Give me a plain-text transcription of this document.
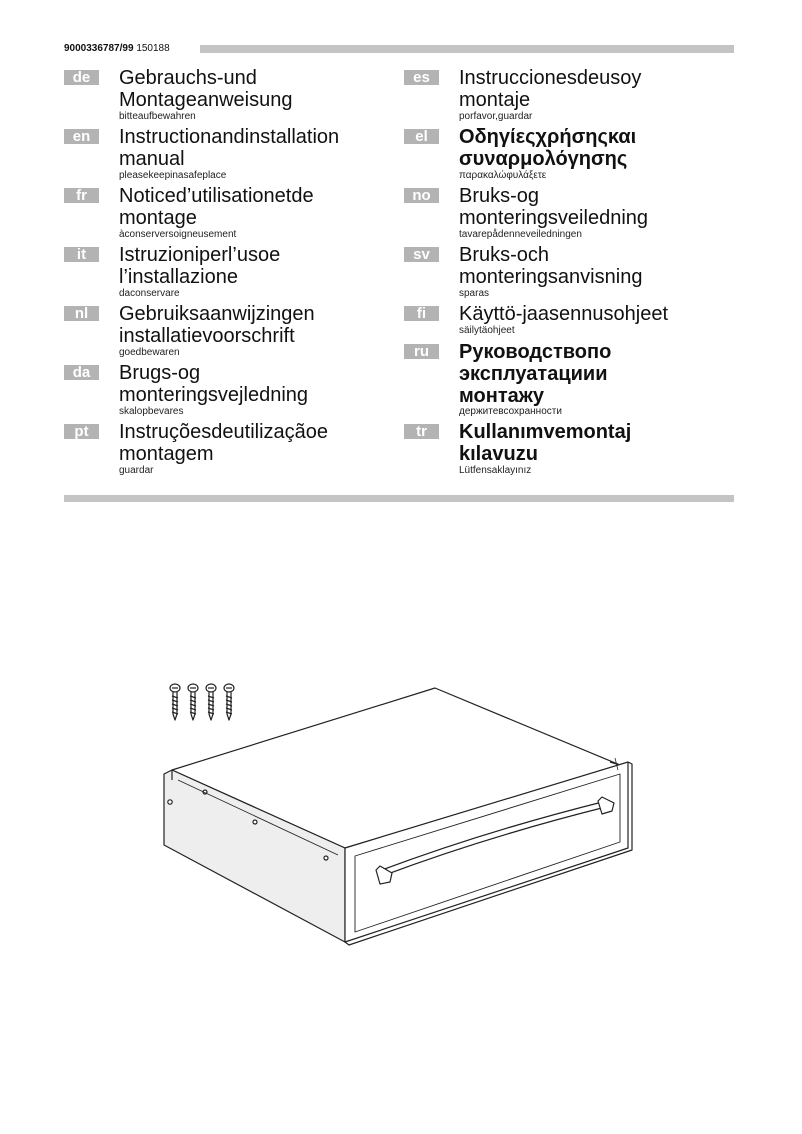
9000336787/99 150188
de	Gebrauchs-und
Montageanweisung
bitteaufbewahren
en	Instructionandinstallation
manual
pleasekeepinasafeplace
fr	Noticed’utilisationetde
montage
àconserversoigneusement
it	Istruzioniperl’usoe
l’installazione
daconservare
nl	Gebruiksaanwijzingen
installatievoorschrift
goedbewaren
da	Brugs-og
monteringsvejledning
skalopbevares
pt	Instruçõesdeutilizaçãoe
montagem
guardar
es	Instruccionesdeusoy
montaje
porfavor,guardar
el	Οδηγίεςχρήσηςκαι
συναρμολόγησης
παρακαλώφυλάξετε
no	Bruks-og
monteringsveiledning
tavarepådenneveiledningen
sv	Bruks-och
monteringsanvisning
sparas
fi	Käyttö-jaasennusohjeet
säilytäohjeet
ru	Руководствопо
эксплуатациии
монтажу
держитевсохранности
tr	Kullanımvemontaj
kılavuzu
Lütfensaklayınız
